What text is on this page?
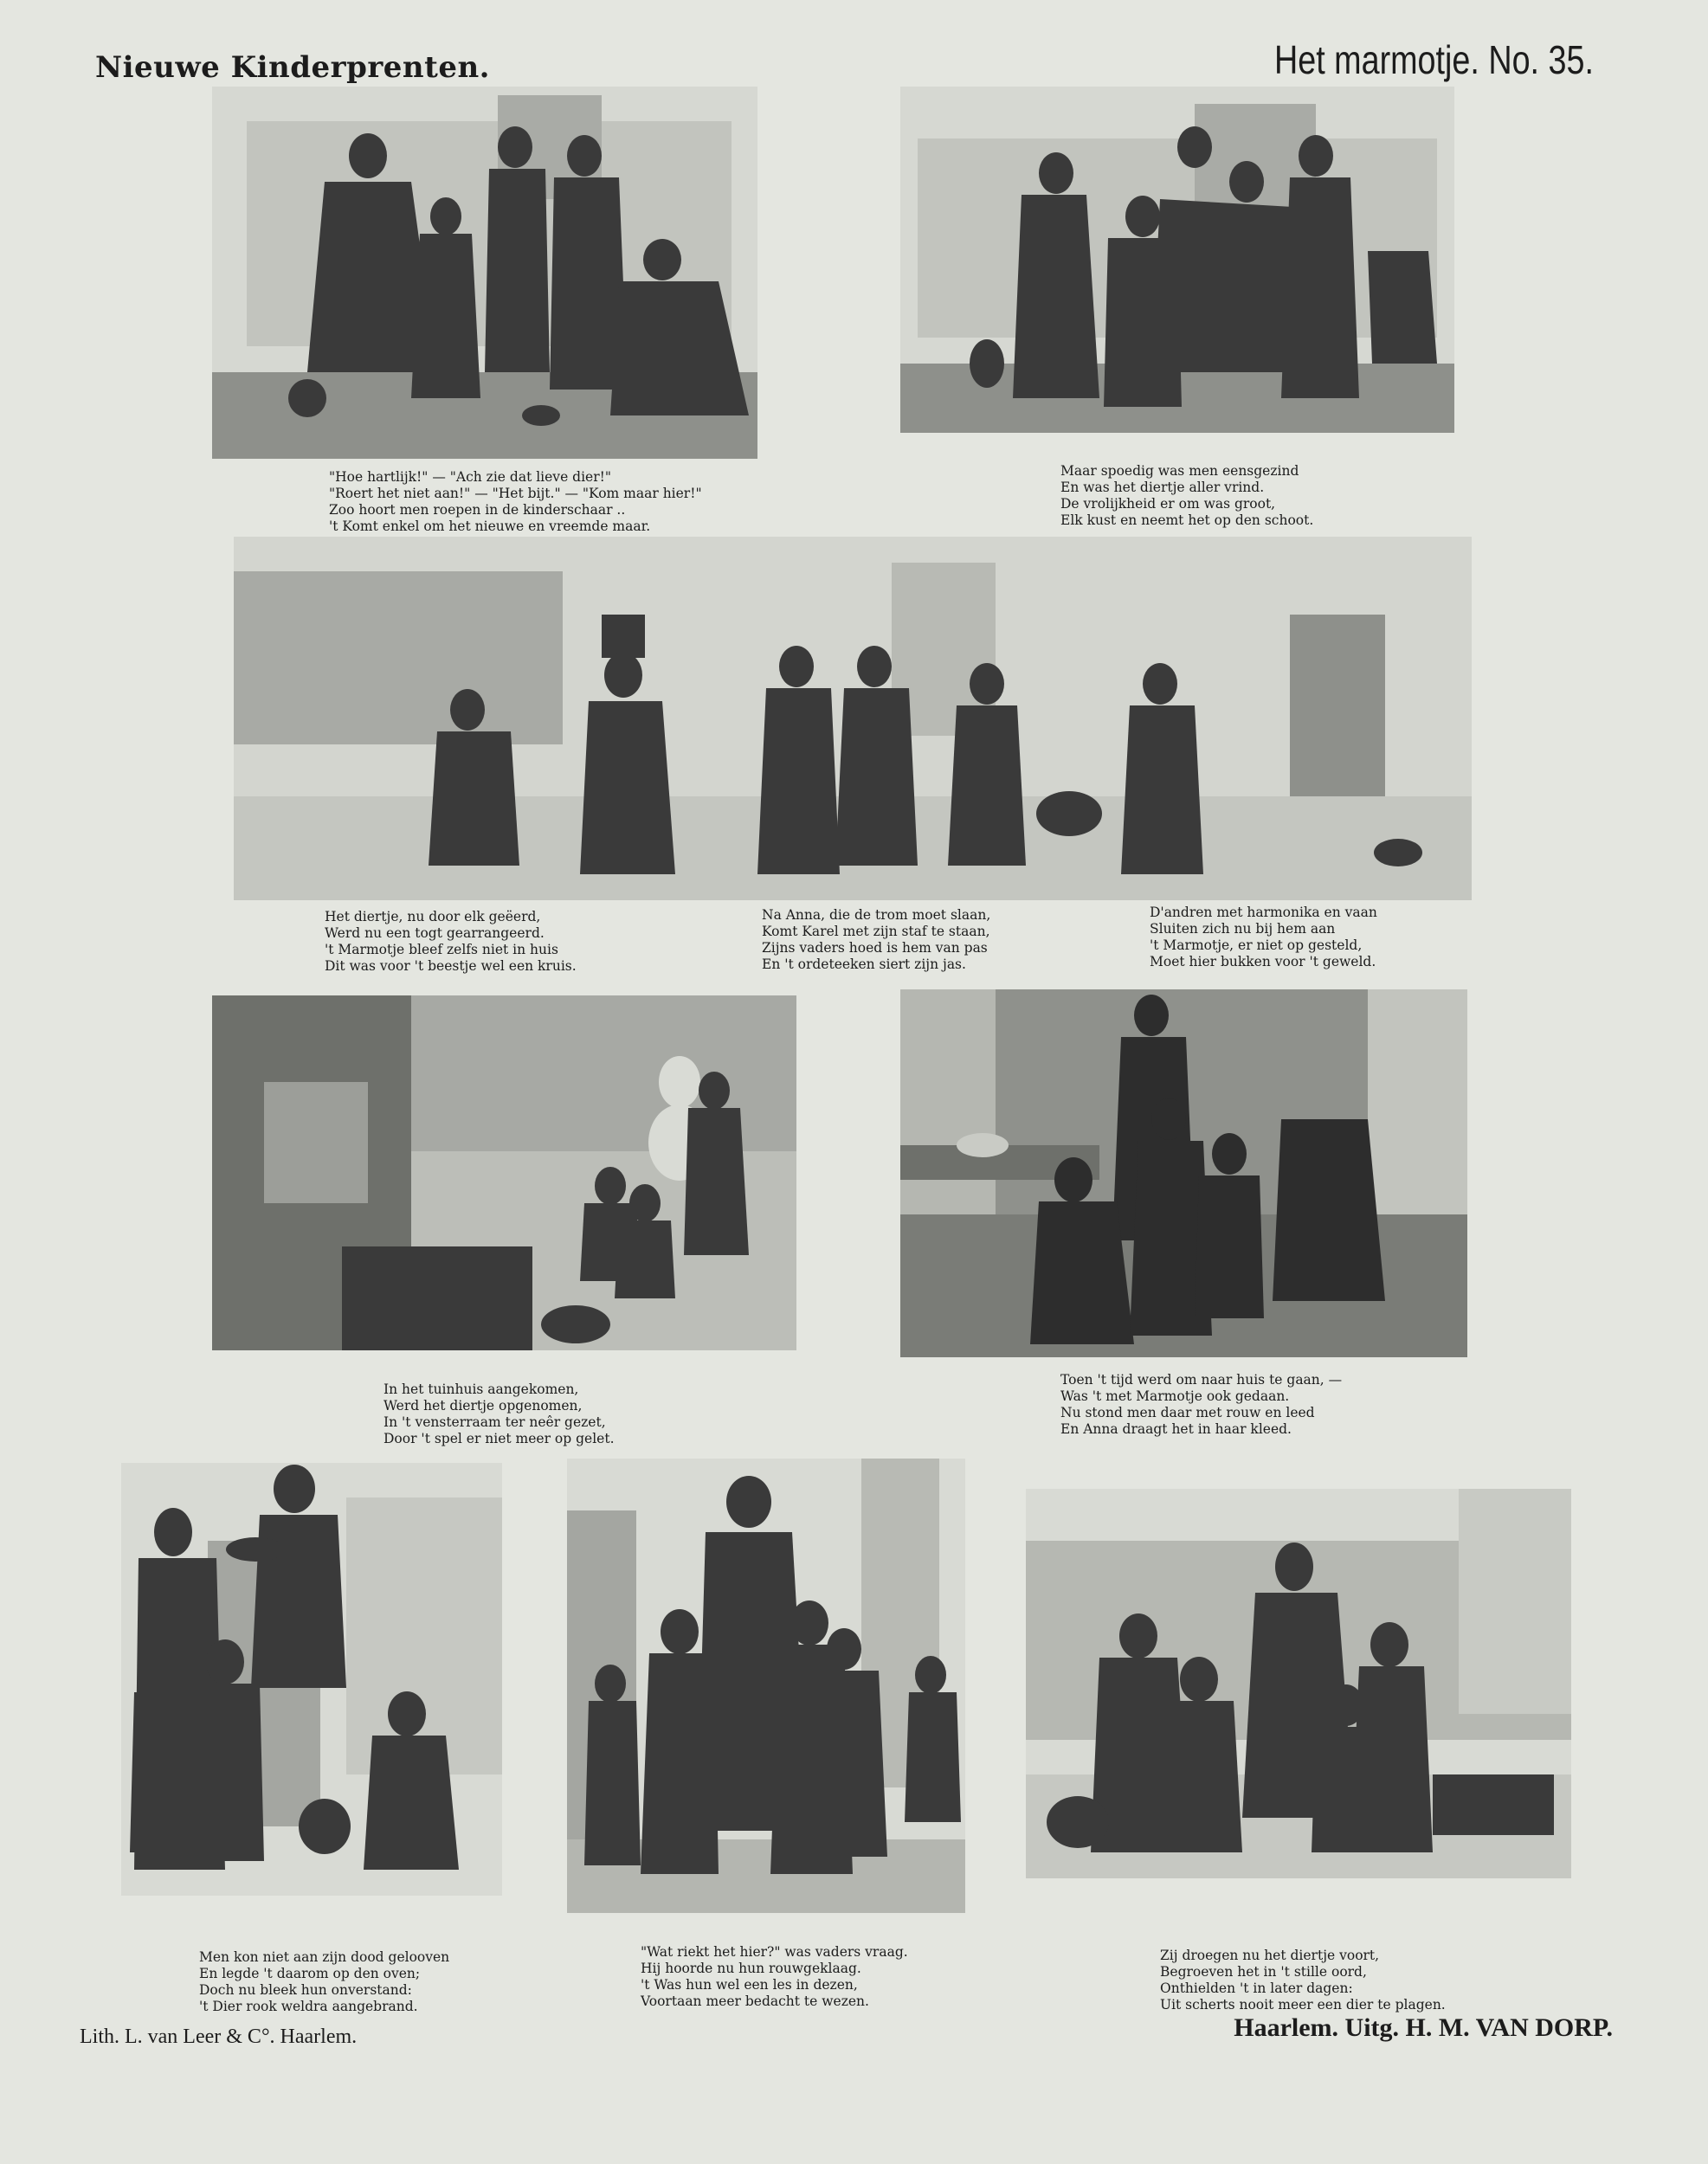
Nieuwe Kinderprenten.	Het marmotje. No. 35.
"Hoe hartlijk!" — "Ach zie dat lieve dier!"
"Roert het niet aan!" — "Het bijt." — "Kom maar hier!"
Zoo hoort men roepen in de kinderschaar ..
't Komt enkel om het nieuwe en vreemde maar.
Maar spoedig was men eensgezind
En was het diertje aller vrind.
De vrolijkheid er om was groot,
Elk kust en neemt het op den schoot.
Het diertje, nu door elk geëerd,
Werd nu een togt gearrangeerd.
't Marmotje bleef zelfs niet in huis
Dit was voor 't beestje wel een kruis.
Na Anna, die de trom moet slaan,
Komt Karel met zijn staf te staan,
Zijns vaders hoed is hem van pas
En 't ordeteeken siert zijn jas.
D'andren met harmonika en vaan
Sluiten zich nu bij hem aan
't Marmotje, er niet op gesteld,
Moet hier bukken voor 't geweld.
In het tuinhuis aangekomen,
Werd het diertje opgenomen,
In 't vensterraam ter neêr gezet,
Door 't spel er niet meer op gelet.
Toen 't tijd werd om naar huis te gaan, —
Was 't met Marmotje ook gedaan.
Nu stond men daar met rouw en leed
En Anna draagt het in haar kleed.
Men kon niet aan zijn dood gelooven
En legde 't daarom op den oven;
Doch nu bleek hun onverstand:
't Dier rook weldra aangebrand.
"Wat riekt het hier?" was vaders vraag.
Hij hoorde nu hun rouwgeklaag.
't Was hun wel een les in dezen,
Voortaan meer bedacht te wezen.
Zij droegen nu het diertje voort,
Begroeven het in 't stille oord,
Onthielden 't in later dagen:
Uit scherts nooit meer een dier te plagen.
Lith. L. van Leer & C°. Haarlem.	Haarlem. Uitg. H. M. VAN DORP.
